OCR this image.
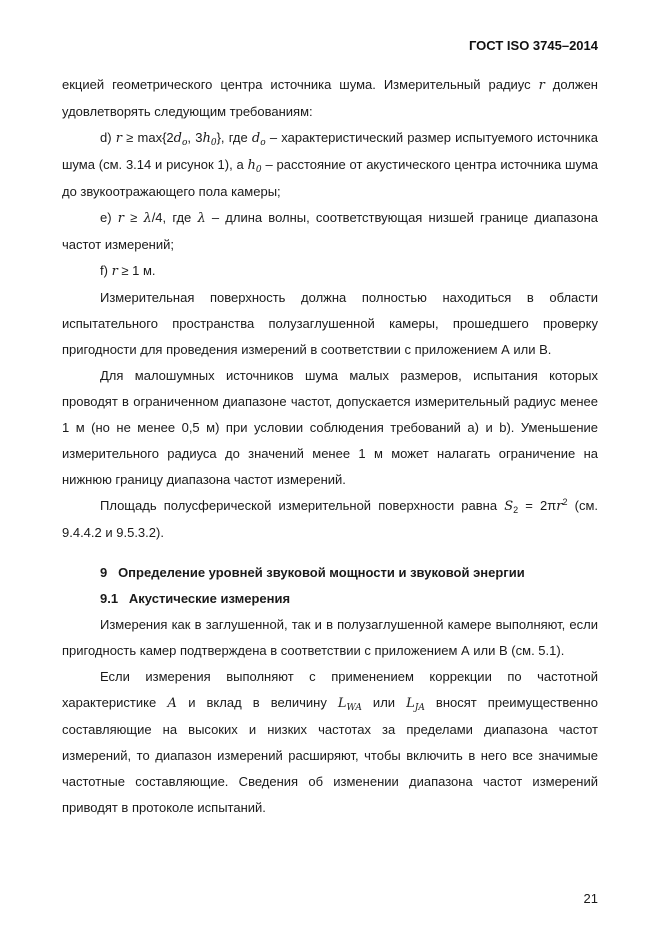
ГОСТ ISO 3745–2014

екцией геометрического центра источника шума. Измерительный радиус r должен удовлетворять следующим требованиям:

d) $r \ge \max\{2d_o$, $3h_0$}, где $d_o$ – характеристический размер испытуемого источника шума (см. 3.14 и рисунок 1), а $h_0$ – расстояние от акустического центра источника шума до звукоотражающего пола камеры;

e) r ≥ λ/4, где λ – длина волны, соответствующая низшей границе диапазона частот измерений;

f) r ≥ 1 м.

Измерительная поверхность должна полностью находиться в области испытательного пространства полузаглушенной камеры, прошедшего проверку пригодности для проведения измерений в соответствии с приложением А или В.

Для малошумных источников шума малых размеров, испытания которых проводят в ограниченном диапазоне частот, допускается измерительный радиус менее 1 м (но не менее 0,5 м) при условии соблюдения требований a) и b). Уменьшение измерительного радиуса до значений менее 1 м может налагать ограничение на нижнюю границу диапазона частот измерений.

Площадь полусферической измерительной поверхности равна $S_2 = 2\pi r^2$ (см. 9.4.4.2 и 9.5.3.2).

9   Определение уровней звуковой мощности и звуковой энергии

9.1   Акустические измерения

Измерения как в заглушенной, так и в полузаглушенной камере выполняют, если пригодность камер подтверждена в соответствии с приложением А или В (см. 5.1).

Если измерения выполняют с применением коррекции по частотной характеристике А и вклад в величину $L_{WA}$ или $L_{JA}$ вносят преимущественно составляющие на высоких и низких частотах за пределами диапазона частот измерений, то диапазон измерений расширяют, чтобы включить в него все значимые частотные составляющие. Сведения об изменении диапазона частот измерений приводят в протоколе испытаний.

21
